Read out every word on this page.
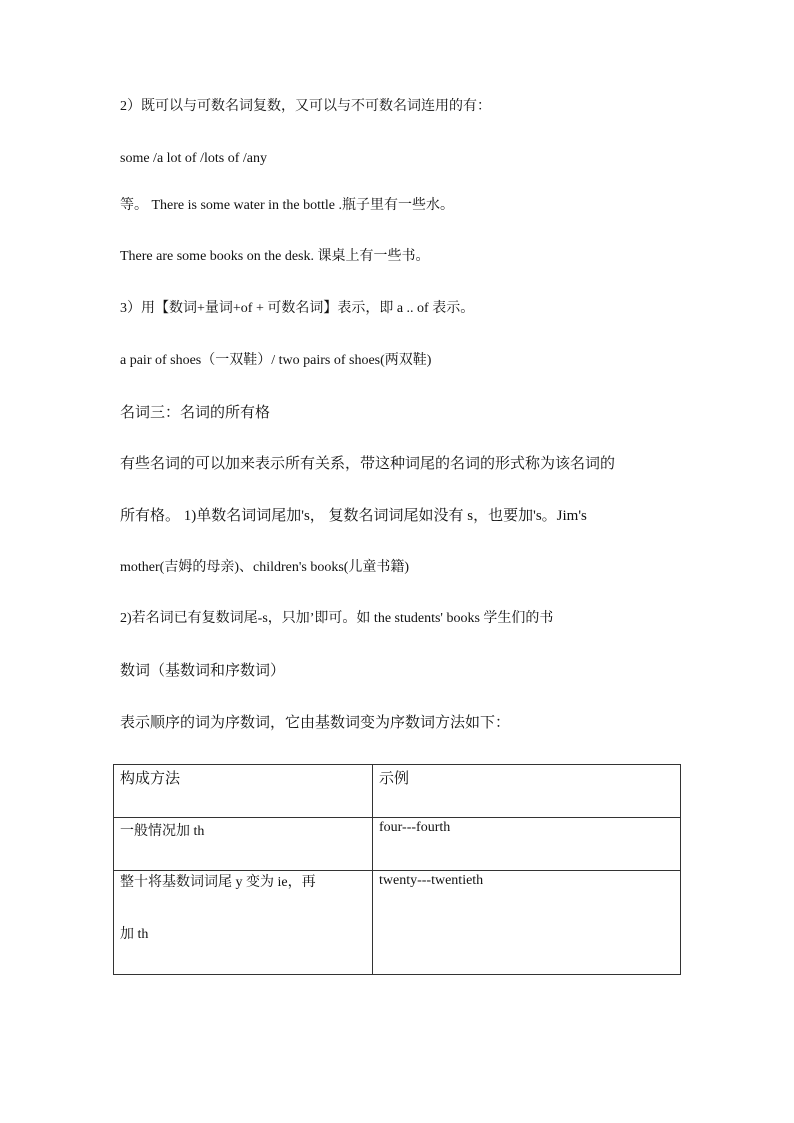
2）既可以与可数名词复数，又可以与不可数名词连用的有：
some /a lot of /lots of /any
等。 There is some water in the bottle .瓶子里有一些水。
There are some books on the desk. 课桌上有一些书。
3）用【数词+量词+of + 可数名词】表示，即 a .. of 表示。
a pair of shoes（一双鞋）/ two pairs of shoes(两双鞋)
名词三：名词的所有格
有些名词的可以加来表示所有关系，带这种词尾的名词的形式称为该名词的
所有格。 1)单数名词词尾加's， 复数名词词尾如没有 s，也要加's。Jim's
mother(吉姆的母亲)、children's books(儿童书籍)
2)若名词已有复数词尾-s，只加’即可。如 the students' books 学生们的书
数词（基数词和序数词）
表示顺序的词为序数词，它由基数词变为序数词方法如下：
构成方法	示例
一般情况加 th	four---fourth

整十将基数词词尾 y 变为 ie，再
加 th	twenty---twentieth
